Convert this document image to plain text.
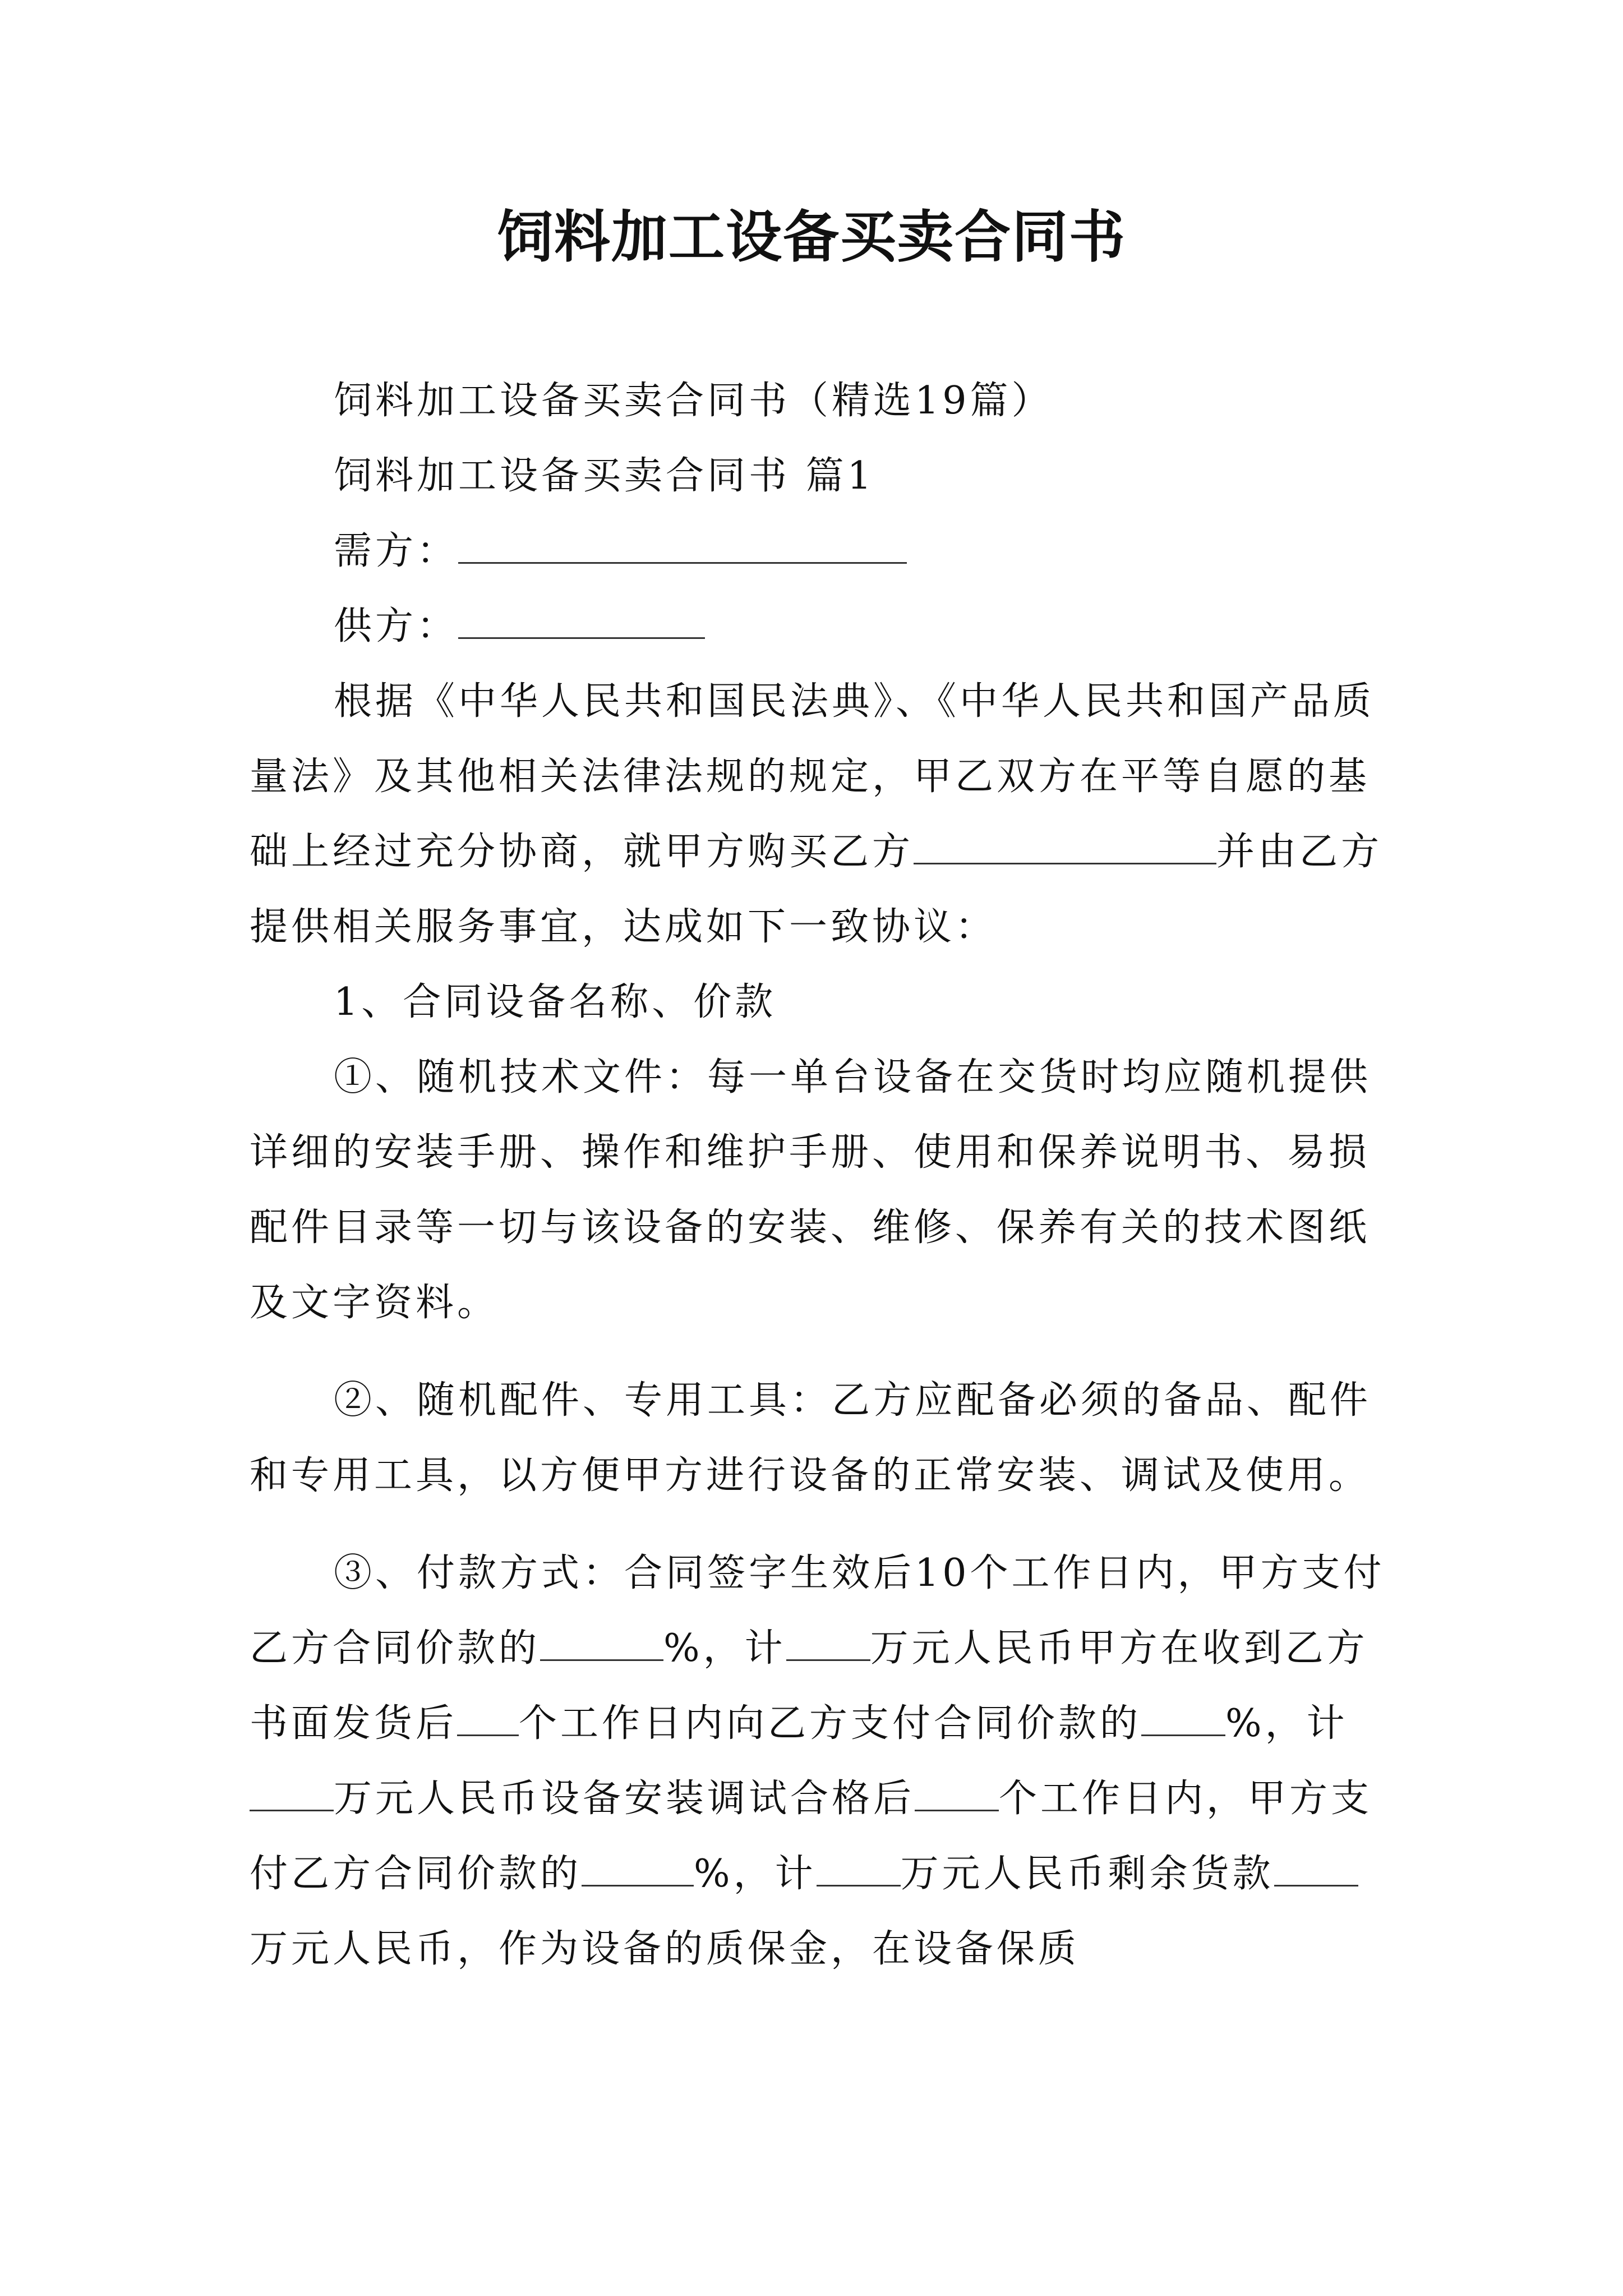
饲料加工设备买卖合同书

饲料加工设备买卖合同书（精选19篇）

饲料加工设备买卖合同书 篇1

需方：

供方：

根据《中华人民共和国民法典》、《中华人民共和国产品质量法》及其他相关法律法规的规定，甲乙双方在平等自愿的基础上经过充分协商，就甲方购买乙方	并由乙方提供相关服务事宜，达成如下一致协议：

1、合同设备名称、价款

①、随机技术文件：每一单台设备在交货时均应随机提供详细的安装手册、操作和维护手册、使用和保养说明书、易损配件目录等一切与该设备的安装、维修、保养有关的技术图纸及文字资料。

②、随机配件、专用工具：乙方应配备必须的备品、配件和专用工具，以方便甲方进行设备的正常安装、调试及使用。

③、付款方式：合同签字生效后10个工作日内，甲方支付乙方合同价款的	%，计 万元人民币甲方在收到乙方书面发货后 个工作日内向乙方支付合同价款的 %，计万元人民币设备安装调试合格后 个工作日内，甲方支付乙方合同价款的	%，计 万元人民币剩余货款万元人民币，作为设备的质保金，在设备保质
